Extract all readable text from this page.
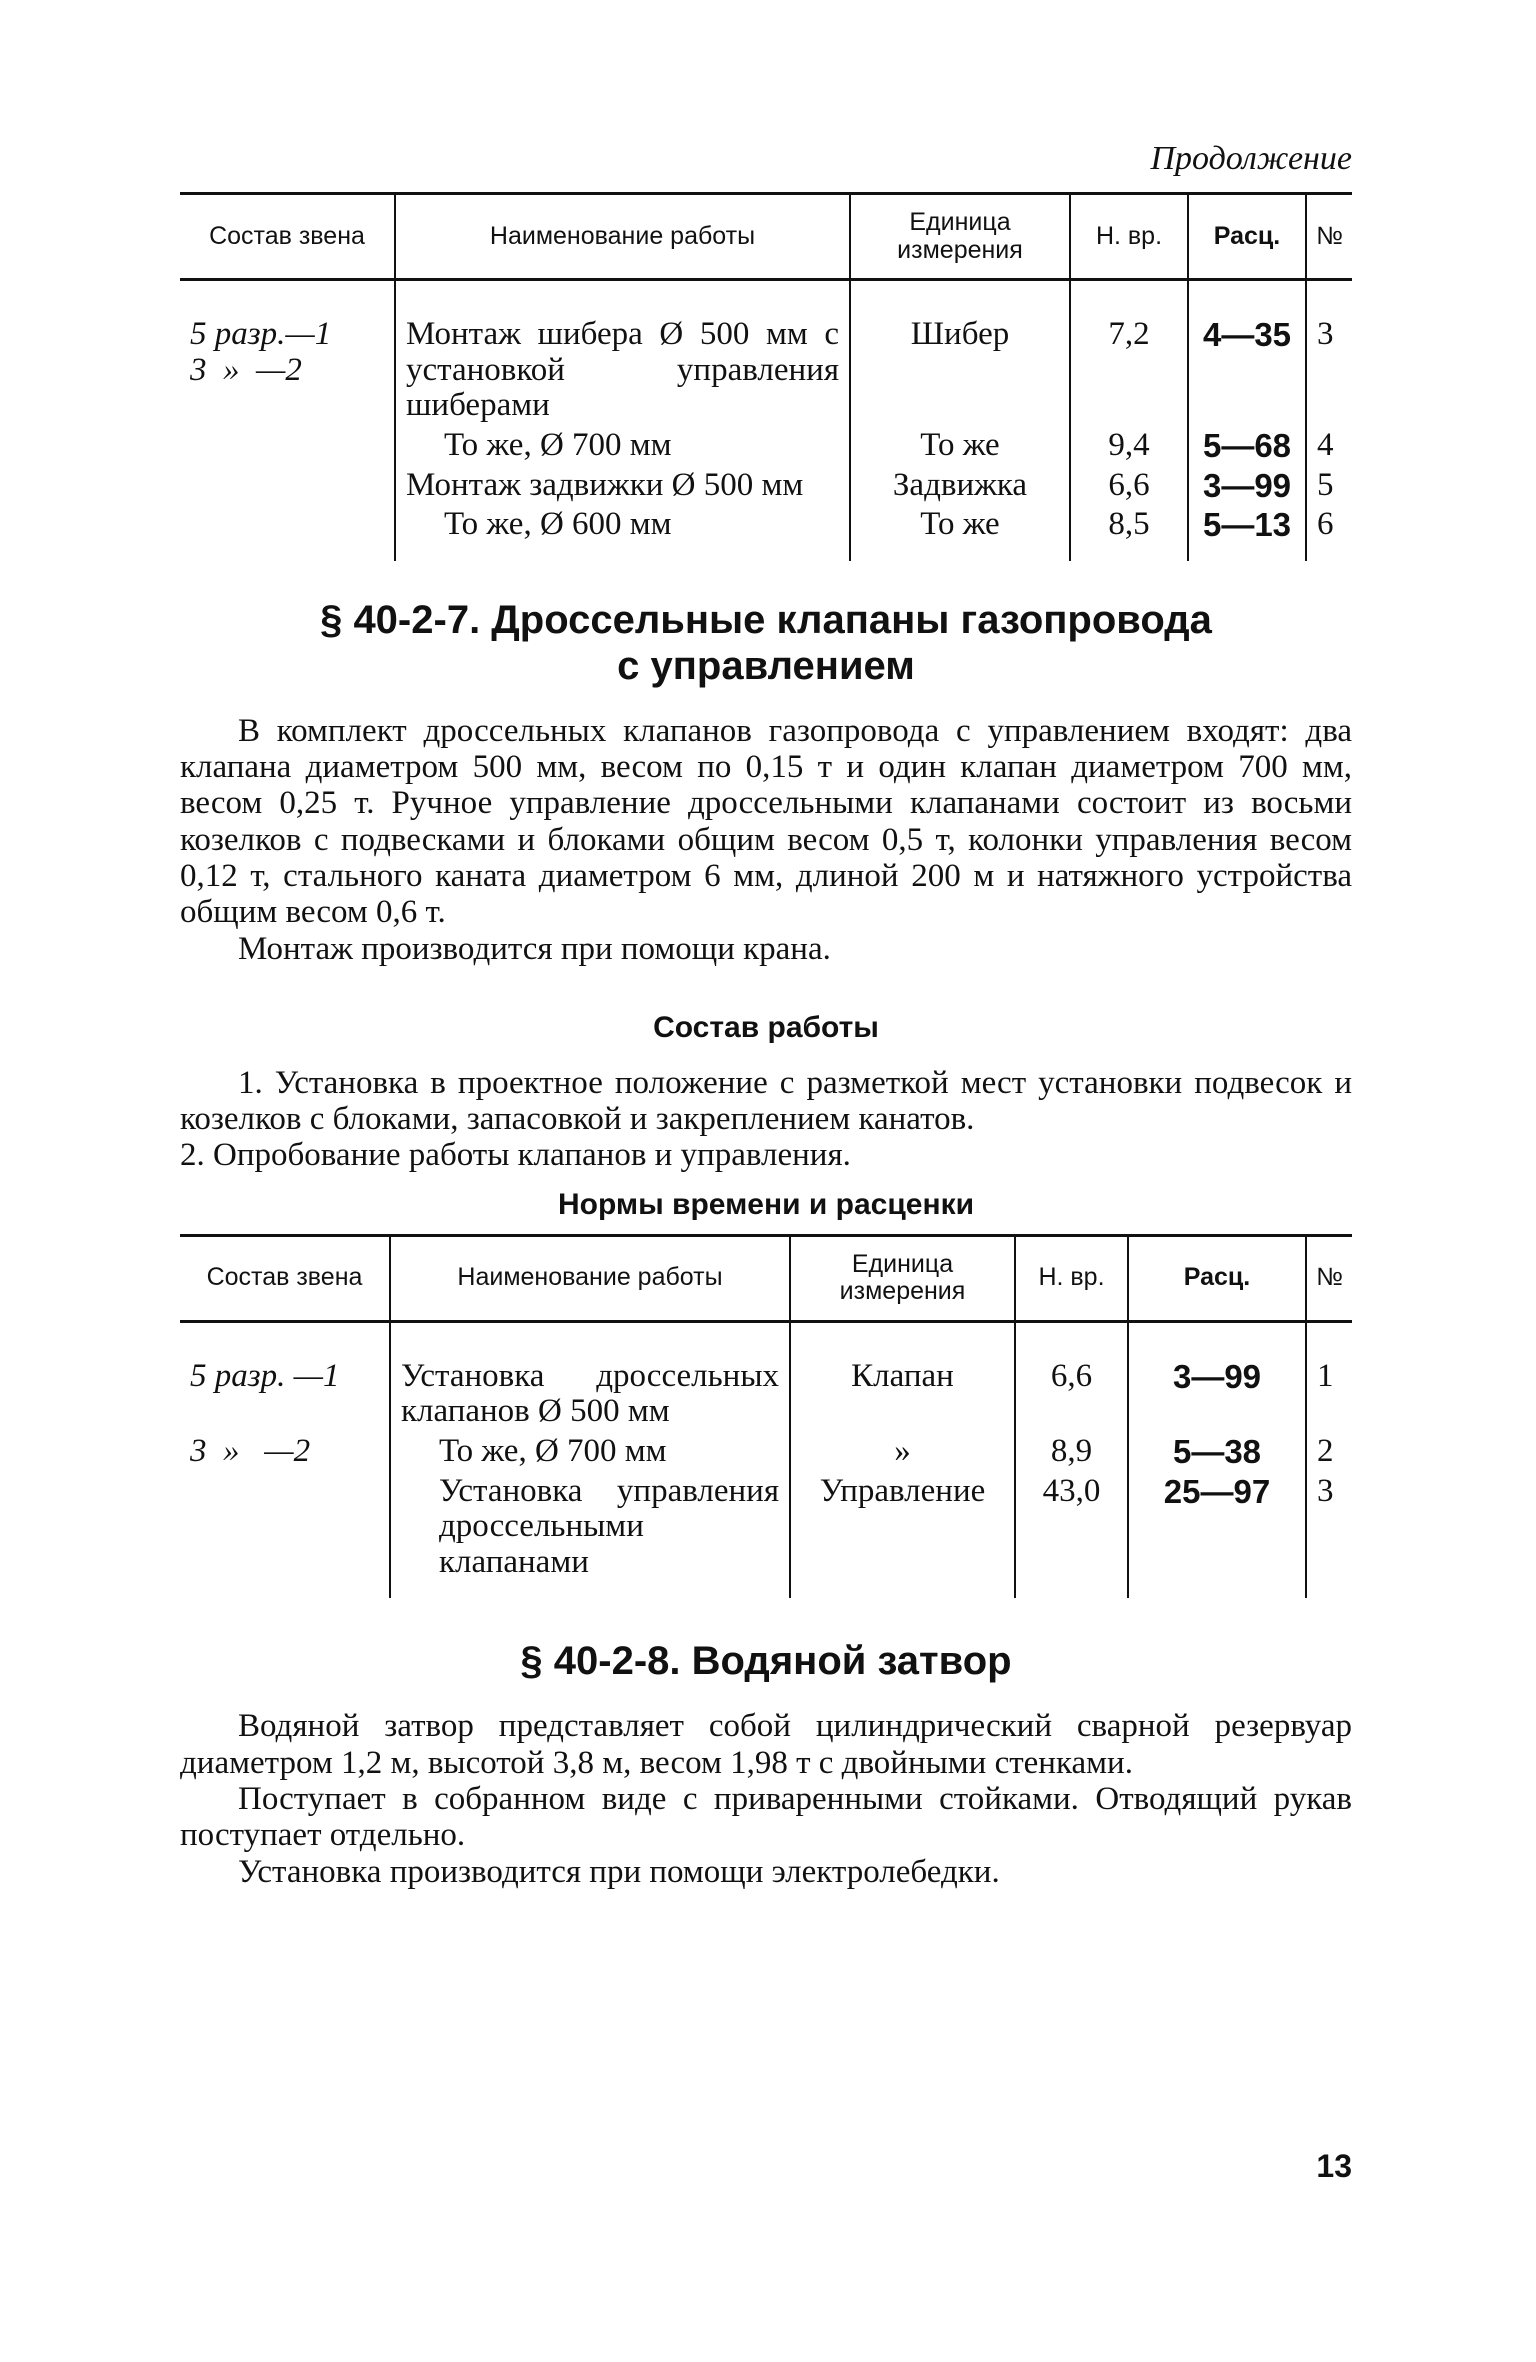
Продолжение
Состав звена	Наименование работы	Единица измерения	Н. вр.	Расц.	№
5 разр.—1
3  »  —2	Монтаж шибера Ø 500 мм с установкой управления шиберами	Шибер	7,2	4—35	3

	То же, Ø 700 мм	То же	9,4	5—68	4
	Монтаж задвижки Ø 500 мм	Задвижка	6,6	3—99	5

	То же, Ø 600 мм	То же	8,5	5—13	6
§ 40-2-7. Дроссельные клапаны газопровода
с управлением

В комплект дроссельных клапанов газопровода с управлением входят: два клапана диаметром 500 мм, весом по 0,15 т и один клапан диаметром 700 мм, весом 0,25 т. Ручное управление дроссельными клапанами состоит из восьми козелков с подвесками и блоками общим весом 0,5 т, колонки управления весом 0,12 т, стального каната диаметром 6 мм, длиной 200 м и натяжного устройства общим весом 0,6 т.

Монтаж производится при помощи крана.

Состав работы

1. Установка в проектное положение с разметкой мест установки подвесок и козелков с блоками, запасовкой и закреплением канатов.

2. Опробование работы клапанов и управления.

Нормы времени и расценки
Состав звена	Наименование работы	Единица измерения	Н. вр.	Расц.	№
5 разр. —1	Установка дроссельных клапанов Ø 500 мм	Клапан	6,6	3—99	1
3  »   —2	То же, Ø 700 мм	»	8,9	5—38	2

	Установка управления дроссельными клапанами	Управление	43,0	25—97	3
§ 40-2-8. Водяной затвор

Водяной затвор представляет собой цилиндрический сварной резервуар диаметром 1,2 м, высотой 3,8 м, весом 1,98 т с двойными стенками.

Поступает в собранном виде с приваренными стойками. Отводящий рукав поступает отдельно.

Установка производится при помощи электролебедки.

13
